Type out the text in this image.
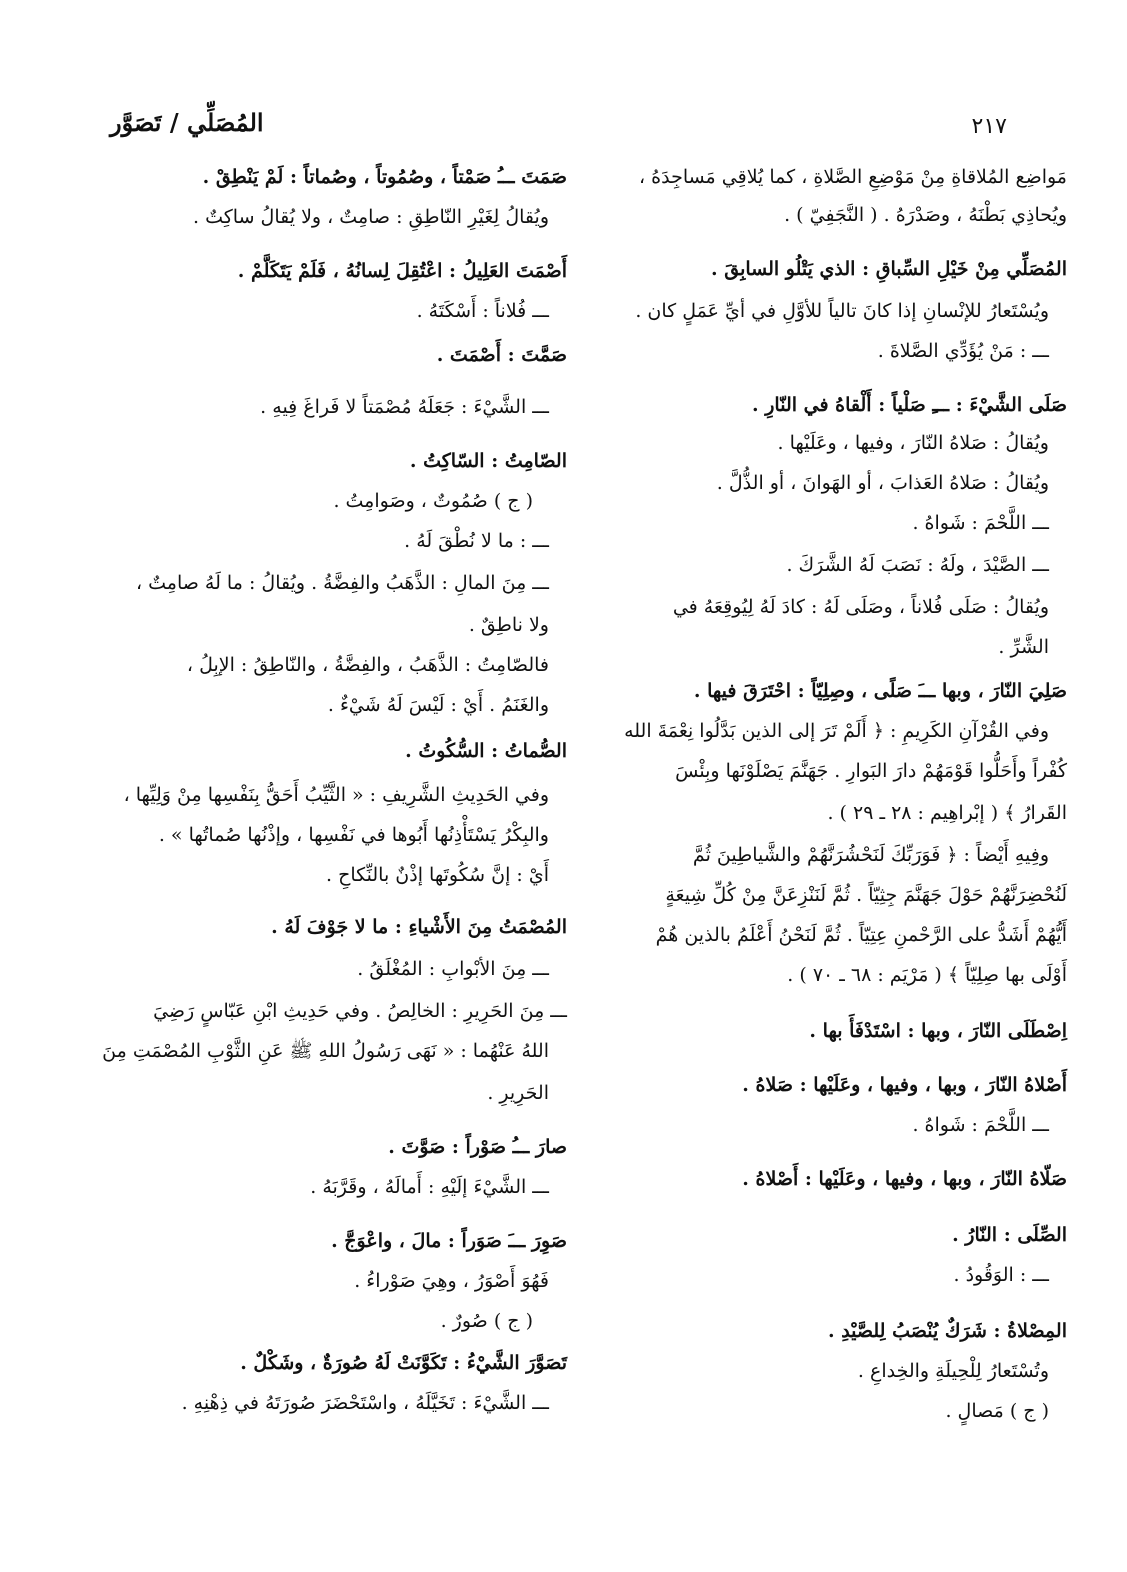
٢١٧
المُصَلِّي / تَصَوَّر
مَواضِع المُلاقاةِ مِنْ مَوْضِعِ الصَّلاةِ ، كما يُلاقِي مَساجِدَهُ ،
ويُحاذِي بَطْنَهُ ، وصَدْرَهُ . ( النَّجَفِيّ ) .
المُصَلِّي مِنْ خَيْلِ السِّباقِ : الذي يَتْلُو السابِقَ .
ويُسْتَعارُ للإنْسانِ إذا كانَ تالياً للأوَّلِ في أيِّ عَمَلٍ كان .
ـــ : مَنْ يُؤَدِّي الصَّلاةَ .
صَلَى الشَّيْءَ : ـــِ صَلْياً : أَلْقاهُ في النّارِ .
ويُقالُ : صَلاهُ النّارَ ، وفيها ، وعَلَيْها .
ويُقالُ : صَلاهُ العَذابَ ، أو الهَوانَ ، أو الذُّلَّ .
ـــ اللَّحْمَ : شَواهُ .
ـــ الصَّيْدَ ، ولَهُ : نَصَبَ لَهُ الشَّرَكَ .
ويُقالُ : صَلَى فُلاناً ، وصَلَى لَهُ : كادَ لَهُ لِيُوقِعَهُ في
الشَّرِّ .
صَلِيَ النّارَ ، وبها ـــَ صَلًى ، وصِلِيّاً : احْتَرَقَ فيها .
وفي القُرْآنِ الكَرِيمِ : ﴿ أَلَمْ تَرَ إلى الذين بَدَّلُوا نِعْمَةَ الله
كُفْراً وأَحَلُّوا قَوْمَهُمْ دارَ البَوارِ . جَهَنَّمَ يَصْلَوْنَها وبِئْسَ
القَرارُ ﴾ ( إبْراهِيم : ٢٨ ـ ٢٩ ) .
وفِيهِ أَيْضاً : ﴿ فَوَرَبِّكَ لَنَحْشُرَنَّهُمْ والشَّياطِينَ ثُمَّ
لَنُحْضِرَنَّهُمْ حَوْلَ جَهَنَّمَ جِثِيّاً . ثُمَّ لَنَنْزِعَنَّ مِنْ كُلِّ شِيعَةٍ
أَيُّهُمْ أَشَدُّ على الرَّحْمنِ عِتِيّاً . ثُمَّ لَنَحْنُ أَعْلَمُ بالذين هُمْ
أَوْلَى بها صِلِيّاً ﴾ ( مَرْيَم : ٦٨ ـ ٧٠ ) .
اِصْطَلَى النّارَ ، وبها : اسْتَدْفَأَ بها .
أَصْلاهُ النّارَ ، وبها ، وفيها ، وعَلَيْها : صَلاهُ .
ـــ اللَّحْمَ : شَواهُ .
صَلّاهُ النّارَ ، وبها ، وفيها ، وعَلَيْها : أَصْلاهُ .
الصِّلَى : النّارُ .
ـــ : الوَقُودُ .
المِصْلاةُ : شَرَكٌ يُنْصَبُ لِلصَّيْدِ .
وتُسْتَعارُ لِلْحِيلَةِ والخِداعِ .
( ج ) مَصالٍ .
صَمَتَ ـــُ صَمْتاً ، وصُمُوتاً ، وصُماتاً : لَمْ يَنْطِقْ .
ويُقالُ لِغَيْرِ النّاطِقِ : صامِتٌ ، ولا يُقالُ ساكِتٌ .
أَصْمَتَ العَلِيلُ : اعْتُقِلَ لِسانُهُ ، فَلَمْ يَتَكَلَّمْ .
ـــ فُلاناً : أَسْكَتَهُ .
صَمَّتَ : أَصْمَتَ .
ـــ الشَّيْءَ : جَعَلَهُ مُصْمَتاً لا فَراغَ فِيهِ .
الصّامِتُ : السّاكِتُ .
( ج ) صُمُوتٌ ، وصَوامِتُ .
ـــ : ما لا نُطْقَ لَهُ .
ـــ مِنَ المالِ : الذَّهَبُ والفِضَّةُ . ويُقالُ : ما لَهُ صامِتٌ ،
ولا ناطِقٌ .
فالصّامِتُ : الذَّهَبُ ، والفِضَّةُ ، والنّاطِقُ : الإبِلُ ،
والغَنَمُ . أَيْ : لَيْسَ لَهُ شَيْءٌ .
الصُّماتُ : السُّكُوتُ .
وفي الحَدِيثِ الشَّرِيفِ : « الثَّيِّبُ أَحَقُّ بِنَفْسِها مِنْ وَلِيِّها ،
والبِكْرُ يَسْتَأْذِنُها أَبُوها في نَفْسِها ، وإذْنُها صُماتُها » .
أَيْ : إنَّ سُكُوتَها إذْنٌ بالنِّكاحِ .
المُصْمَتُ مِنَ الأَشْياءِ : ما لا جَوْفَ لَهُ .
ـــ مِنَ الأبْوابِ : المُغْلَقُ .
ـــ مِنَ الحَرِيرِ : الخالِصُ . وفي حَدِيثِ ابْنِ عَبّاسٍ رَضِيَ
اللهُ عَنْهُما : « نَهَى رَسُولُ اللهِ ﷺ عَنِ الثَّوْبِ المُصْمَتِ مِنَ
الحَرِيرِ .
صارَ ـــُ صَوْراً : صَوَّتَ .
ـــ الشَّيْءَ إلَيْهِ : أَمالَهُ ، وقَرَّبَهُ .
صَوِرَ ـــَ صَوَراً : مالَ ، واعْوَجَّ .
فَهُوَ أَصْوَرُ ، وهِيَ صَوْراءُ .
( ج ) صُورٌ .
تَصَوَّرَ الشَّيْءُ : تَكَوَّنَتْ لَهُ صُورَةٌ ، وشَكْلٌ .
ـــ الشَّيْءَ : تَخَيَّلَهُ ، واسْتَحْضَرَ صُورَتَهُ في ذِهْنِهِ .
